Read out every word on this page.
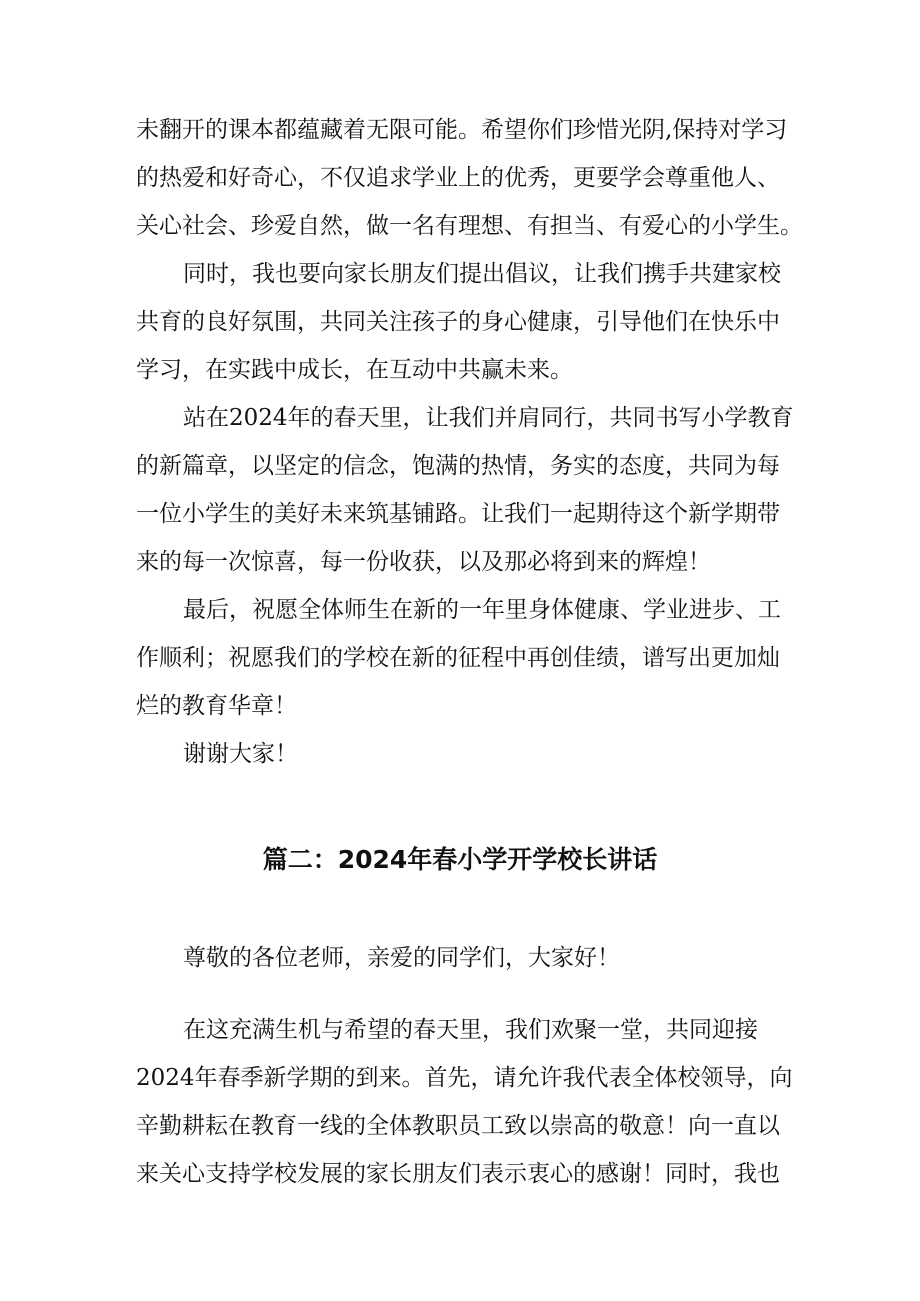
未翻开的课本都蕴藏着无限可能。希望你们珍惜光阴,保持对学习
的热爱和好奇心，不仅追求学业上的优秀，更要学会尊重他人、
关心社会、珍爱自然，做一名有理想、有担当、有爱心的小学生。
同时，我也要向家长朋友们提出倡议，让我们携手共建家校
共育的良好氛围，共同关注孩子的身心健康，引导他们在快乐中
学习，在实践中成长，在互动中共赢未来。
站在2024年的春天里，让我们并肩同行，共同书写小学教育
的新篇章，以坚定的信念，饱满的热情，务实的态度，共同为每
一位小学生的美好未来筑基铺路。让我们一起期待这个新学期带
来的每一次惊喜，每一份收获，以及那必将到来的辉煌！
最后，祝愿全体师生在新的一年里身体健康、学业进步、工
作顺利；祝愿我们的学校在新的征程中再创佳绩，谱写出更加灿
烂的教育华章！
谢谢大家！
篇二：2024年春小学开学校长讲话
尊敬的各位老师，亲爱的同学们，大家好！
在这充满生机与希望的春天里，我们欢聚一堂，共同迎接
2024年春季新学期的到来。首先，请允许我代表全体校领导，向
辛勤耕耘在教育一线的全体教职员工致以崇高的敬意！向一直以
来关心支持学校发展的家长朋友们表示衷心的感谢！同时，我也
